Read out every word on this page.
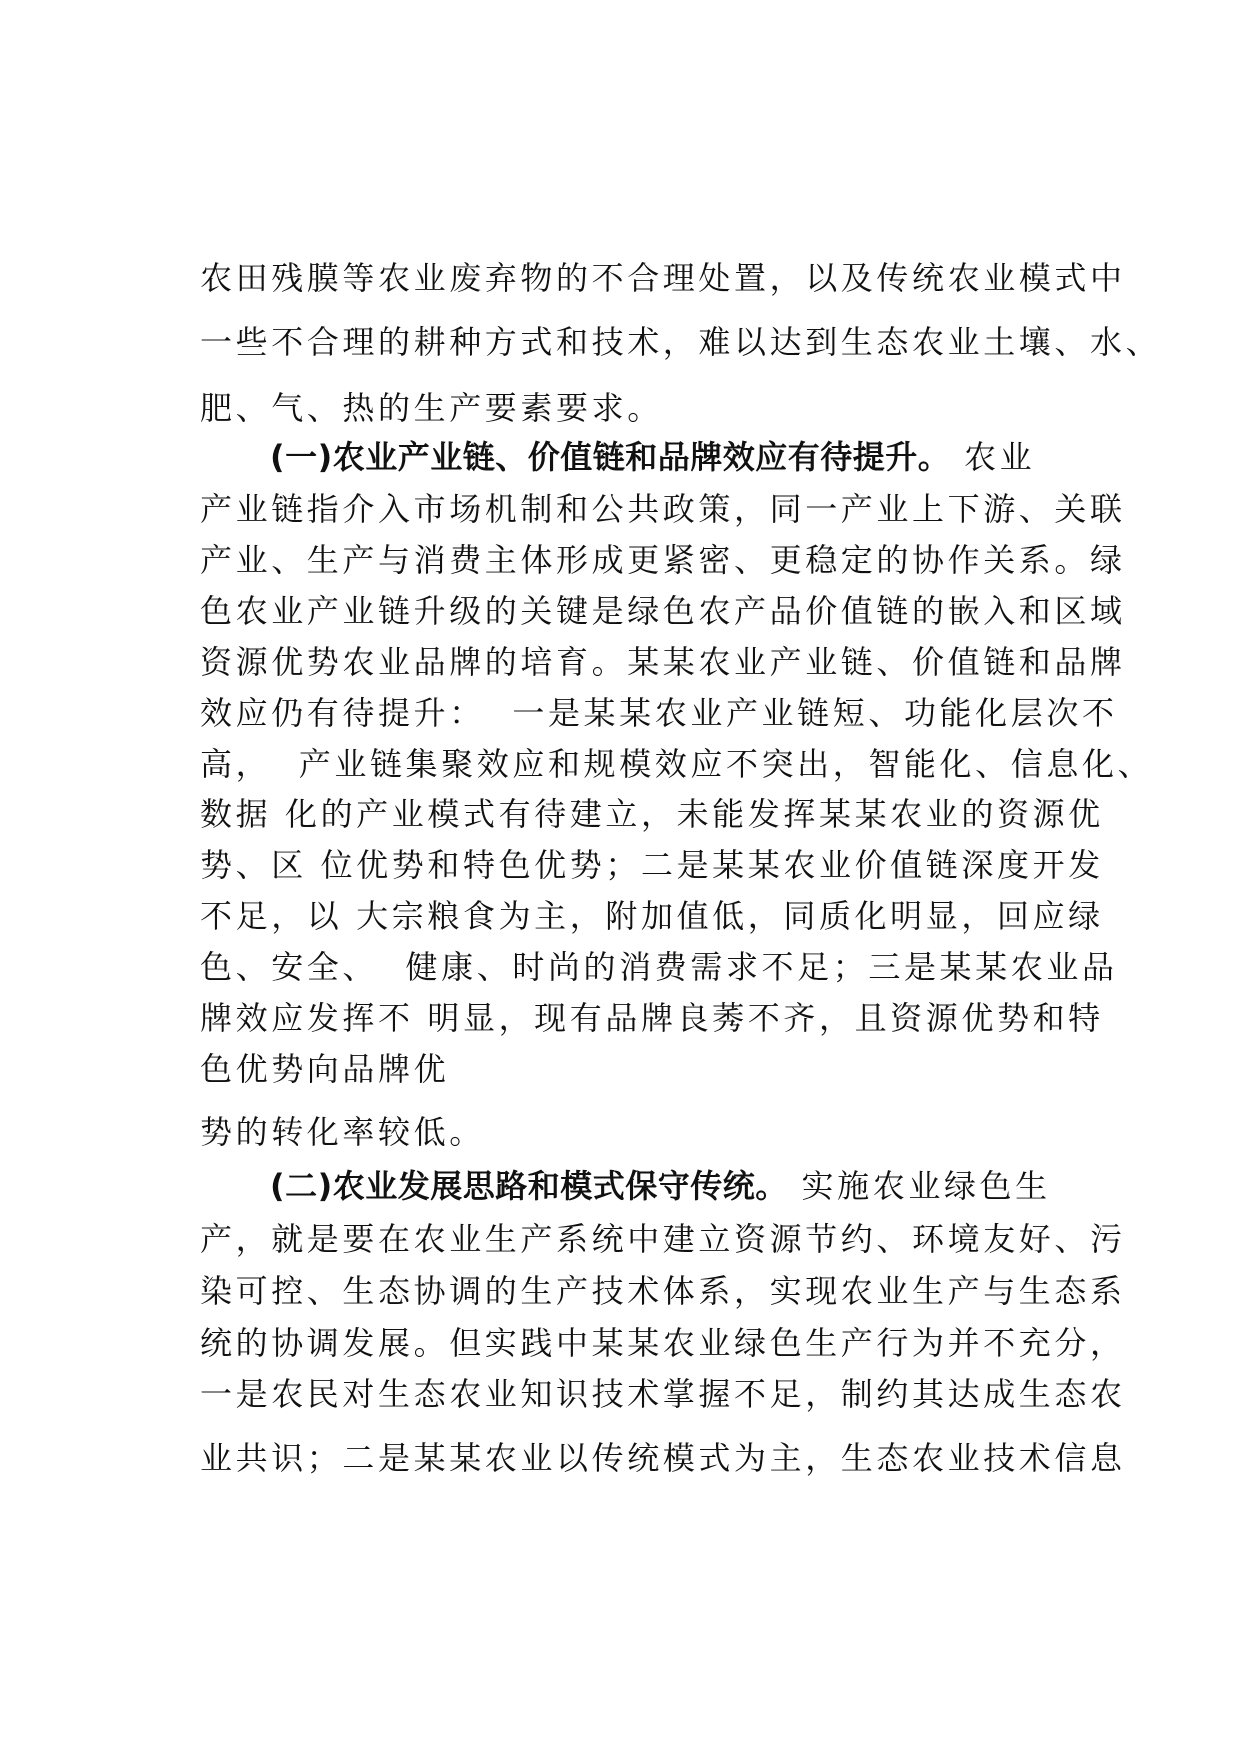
农田残膜等农业废弃物的不合理处置，以及传统农业模式中
一些不合理的耕种方式和技术，难以达到生态农业土壤、水、
肥、气、热的生产要素要求。
(一)农业产业链、价值链和品牌效应有待提升。 农业
产业链指介入市场机制和公共政策，同一产业上下游、关联
产业、生产与消费主体形成更紧密、更稳定的协作关系。绿
色农业产业链升级的关键是绿色农产品价值链的嵌入和区域
资源优势农业品牌的培育。某某农业产业链、价值链和品牌
效应仍有待提升：  一是某某农业产业链短、功能化层次不
高，  产业链集聚效应和规模效应不突出，智能化、信息化、
数据 化的产业模式有待建立，未能发挥某某农业的资源优
势、区 位优势和特色优势；二是某某农业价值链深度开发
不足，以 大宗粮食为主，附加值低，同质化明显，回应绿
色、安全、  健康、时尚的消费需求不足；三是某某农业品
牌效应发挥不 明显，现有品牌良莠不齐，且资源优势和特
色优势向品牌优
势的转化率较低。
(二)农业发展思路和模式保守传统。 实施农业绿色生
产，就是要在农业生产系统中建立资源节约、环境友好、污
染可控、生态协调的生产技术体系，实现农业生产与生态系
统的协调发展。但实践中某某农业绿色生产行为并不充分，
一是农民对生态农业知识技术掌握不足，制约其达成生态农
业共识；二是某某农业以传统模式为主，生态农业技术信息
